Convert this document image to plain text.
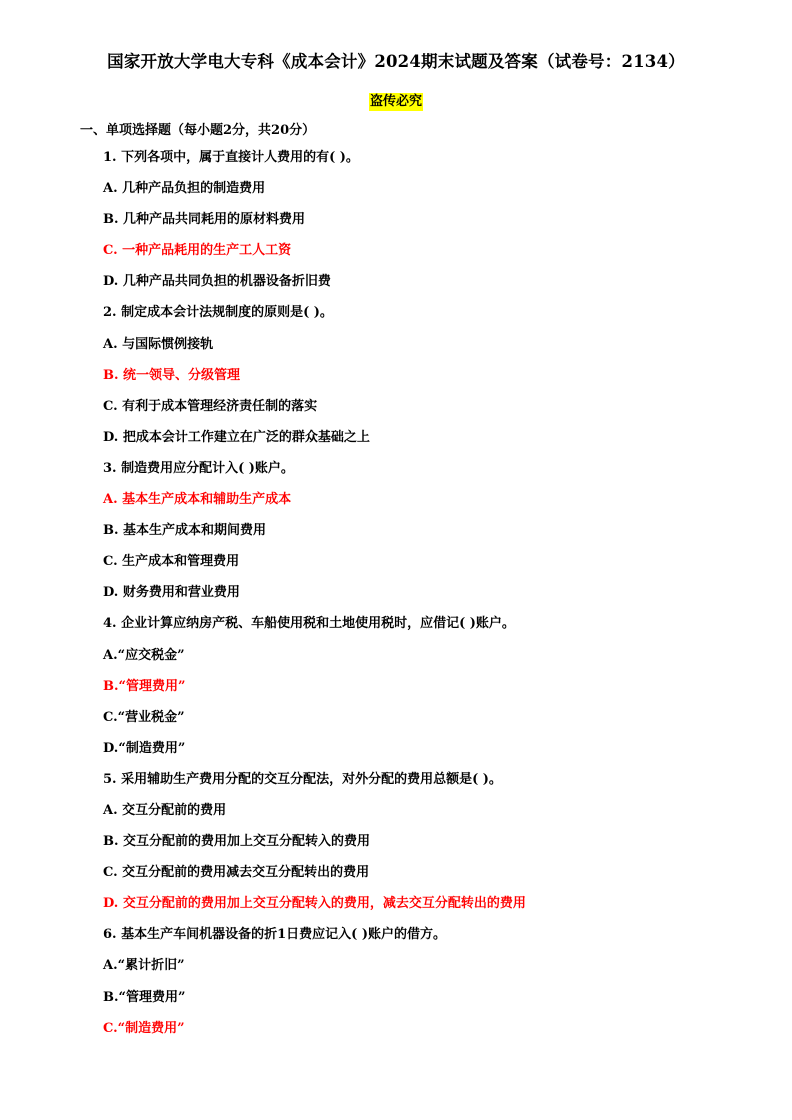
国家开放大学电大专科《成本会计》2024期末试题及答案（试卷号：2134）
盗传必究
一、单项选择题（每小题2分，共20分）
1. 下列各项中，属于直接计人费用的有( )。
A. 几种产品负担的制造费用
B. 几种产品共同耗用的原材料费用
C. 一种产品耗用的生产工人工资
D. 几种产品共同负担的机器设备折旧费
2. 制定成本会计法规制度的原则是( )。
A. 与国际惯例接轨
B. 统一领导、分级管理
C. 有利于成本管理经济责任制的落实
D. 把成本会计工作建立在广泛的群众基础之上
3. 制造费用应分配计入( )账户。
A. 基本生产成本和辅助生产成本
B. 基本生产成本和期间费用
C. 生产成本和管理费用
D. 财务费用和营业费用
4. 企业计算应纳房产税、车船使用税和土地使用税时，应借记( )账户。
A.“应交税金”
B.“管理费用”
C.“营业税金”
D.“制造费用”
5. 采用辅助生产费用分配的交互分配法，对外分配的费用总额是( )。
A. 交互分配前的费用
B. 交互分配前的费用加上交互分配转入的费用
C. 交互分配前的费用减去交互分配转出的费用
D. 交互分配前的费用加上交互分配转入的费用，减去交互分配转出的费用
6. 基本生产车间机器设备的折1日费应记入( )账户的借方。
A.“累计折旧”
B.“管理费用”
C.“制造费用”
